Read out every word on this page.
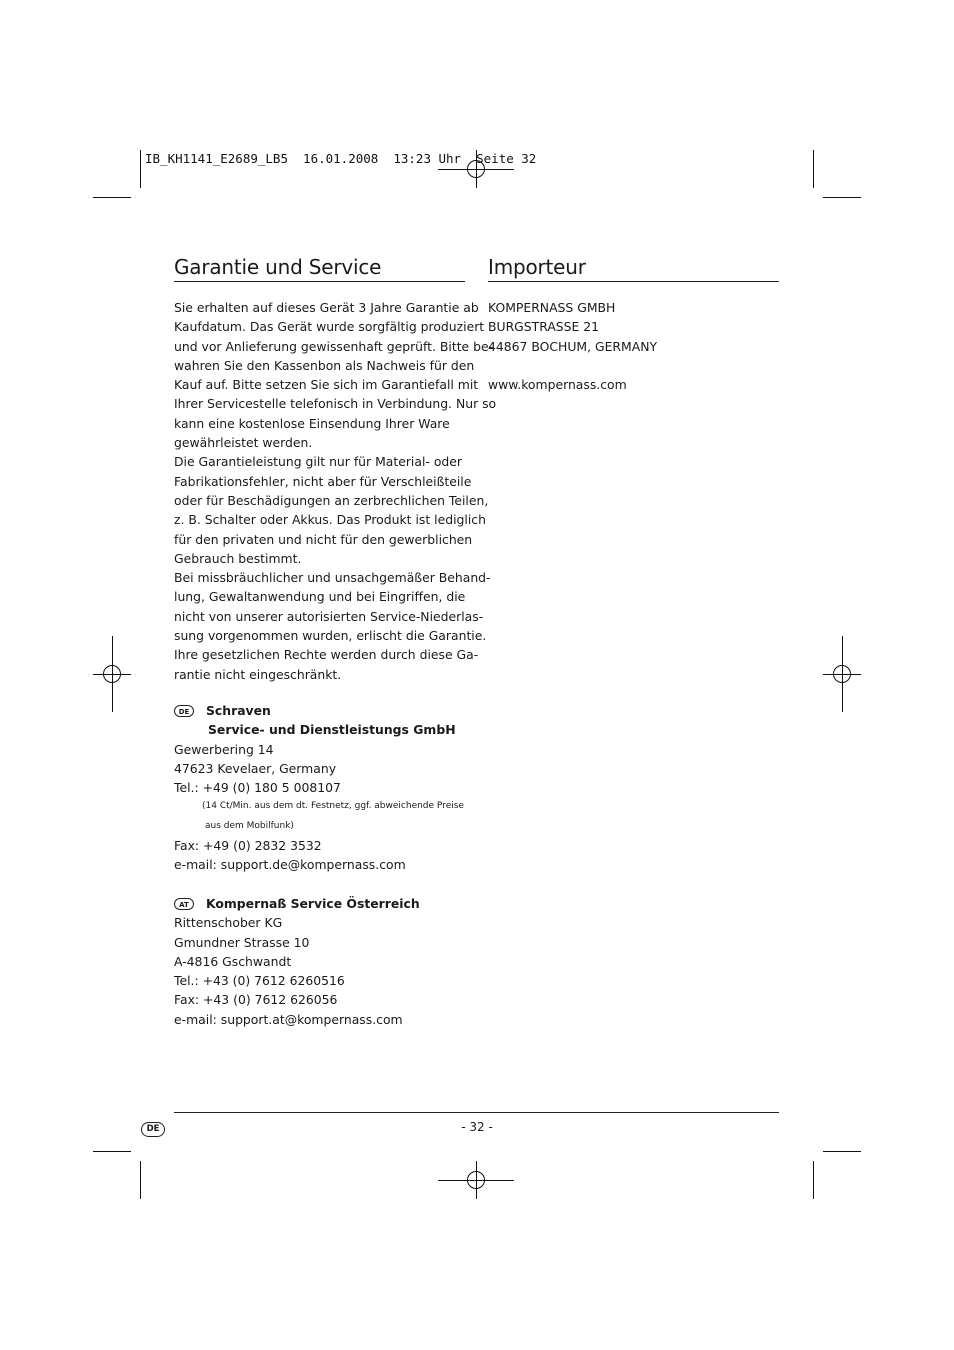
IB_KH1141_E2689_LB5  16.01.2008  13:23 Uhr  Seite 32
Garantie und Service
Sie erhalten auf dieses Gerät 3 Jahre Garantie ab
Kaufdatum. Das Gerät wurde sorgfältig produziert
und vor Anlieferung gewissenhaft geprüft. Bitte be-
wahren Sie den Kassenbon als Nachweis für den
Kauf auf. Bitte setzen Sie sich im Garantiefall mit
Ihrer Servicestelle telefonisch in Verbindung. Nur so
kann eine kostenlose Einsendung Ihrer Ware
gewährleistet werden.
Die Garantieleistung gilt nur für Material- oder
Fabrikationsfehler, nicht aber für Verschleißteile
oder für Beschädigungen an zerbrechlichen Teilen,
z. B. Schalter oder Akkus. Das Produkt ist lediglich
für den privaten und nicht für den gewerblichen
Gebrauch bestimmt.
Bei missbräuchlicher und unsachgemäßer Behand-
lung, Gewaltanwendung und bei Eingriffen, die
nicht von unserer autorisierten Service-Niederlas-
sung vorgenommen wurden, erlischt die Garantie.
Ihre gesetzlichen Rechte werden durch diese Ga-
rantie nicht eingeschränkt.
DE Schraven
Service- und Dienstleistungs GmbH
Gewerbering 14
47623 Kevelaer, Germany
Tel.: +49 (0) 180 5 008107
(14 Ct/Min. aus dem dt. Festnetz, ggf. abweichende Preise
aus dem Mobilfunk)
Fax: +49 (0) 2832 3532
e-mail: support.de@kompernass.com
AT Kompernaß Service Österreich
Rittenschober KG
Gmundner Strasse 10
A-4816 Gschwandt
Tel.: +43 (0) 7612 6260516
Fax: +43 (0) 7612 626056
e-mail: support.at@kompernass.com
Importeur
KOMPERNASS GMBH
BURGSTRASSE 21
44867 BOCHUM, GERMANY
www.kompernass.com
DE	- 32 -
